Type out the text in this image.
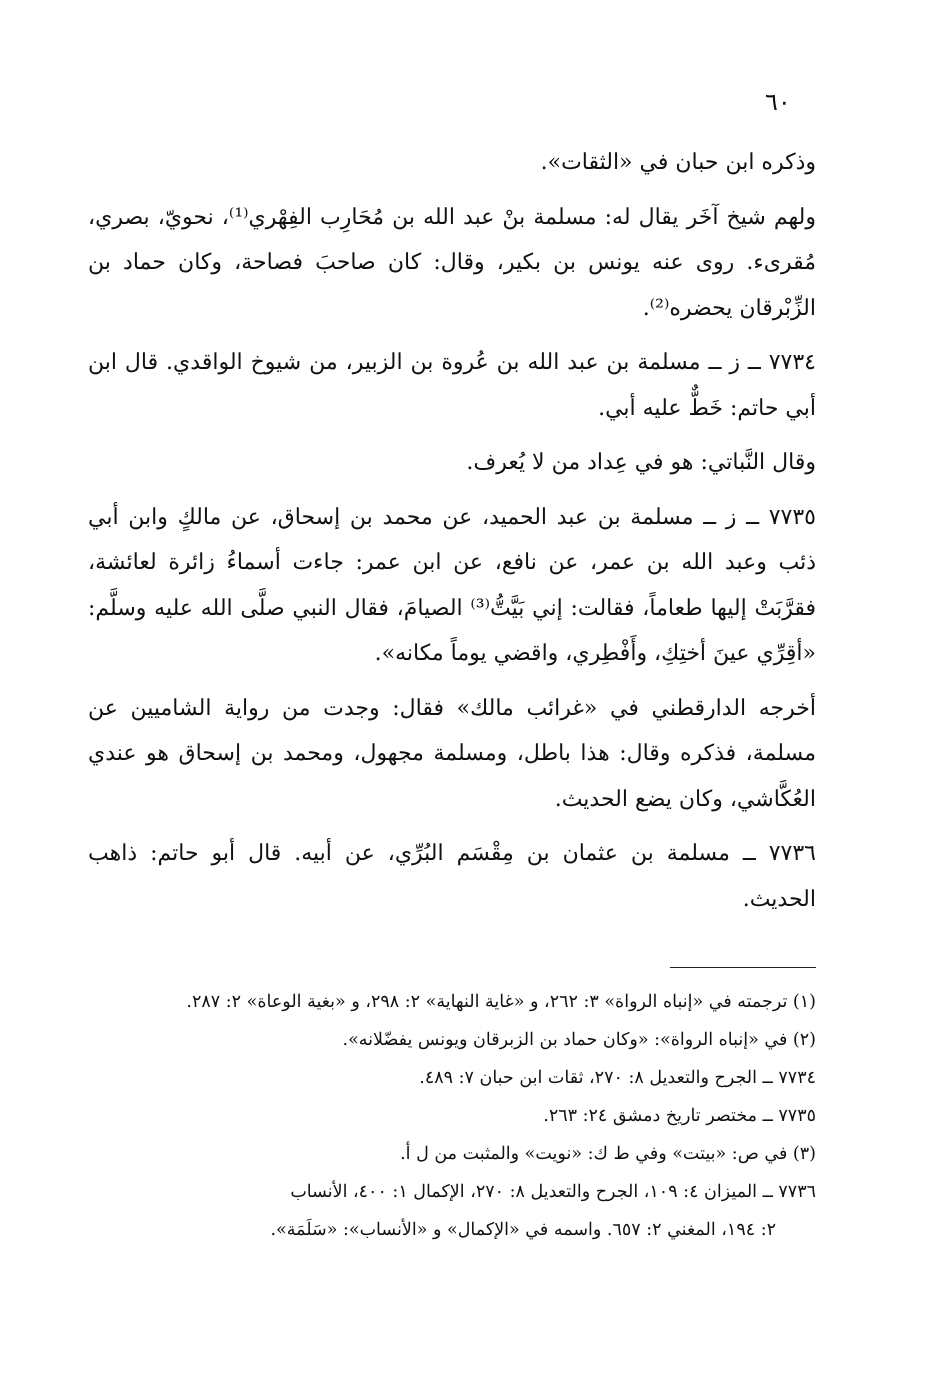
٦٠

وذكره ابن حبان في «الثقات».

ولهم شيخ آخَر يقال له: مسلمة بنْ عبد الله بن مُحَارِب الفِهْري⁽¹⁾، نحويّ، بصري، مُقرىء. روى عنه يونس بن بكير، وقال: كان صاحبَ فصاحة، وكان حماد بن الزِّبْرقان يحضره⁽²⁾.

٧٧٣٤ ــ ز ــ مسلمة بن عبد الله بن عُروة بن الزبير، من شيوخ الواقدي. قال ابن أبي حاتم: خَطٌّ عليه أبي.

وقال النَّباتي: هو في عِداد من لا يُعرف.

٧٧٣٥ ــ ز ــ مسلمة بن عبد الحميد، عن محمد بن إسحاق، عن مالكٍ وابن أبي ذئب وعبد الله بن عمر، عن نافع، عن ابن عمر: جاءت أسماءُ زائرة لعائشة، فقرَّبَتْ إليها طعاماً، فقالت: إني بَيَّتُّ⁽³⁾ الصيامَ، فقال النبي صلَّى الله عليه وسلَّم: «أقِرِّي عينَ أختِكِ، وأَفْطِري، واقضي يوماً مكانه».

أخرجه الدارقطني في «غرائب مالك» فقال: وجدت من رواية الشاميين عن مسلمة، فذكره وقال: هذا باطل، ومسلمة مجهول، ومحمد بن إسحاق هو عندي العُكَّاشي، وكان يضع الحديث.

٧٧٣٦ ــ مسلمة بن عثمان بن مِقْسَم البُرِّي، عن أبيه. قال أبو حاتم: ذاهب الحديث.

(١) ترجمته في «إنباه الرواة» ٣: ٢٦٢، و «غاية النهاية» ٢: ٢٩٨، و «بغية الوعاة» ٢: ٢٨٧.

(٢) في «إنباه الرواة»: «وكان حماد بن الزبرقان ويونس يفضّلانه».

٧٧٣٤ ــ الجرح والتعديل ٨: ٢٧٠، ثقات ابن حبان ٧: ٤٨٩.

٧٧٣٥ ــ مختصر تاريخ دمشق ٢٤: ٢٦٣.

(٣) في ص: «بيتت» وفي ط ك: «نويت» والمثبت من ل أ.

٧٧٣٦ ــ الميزان ٤: ١٠٩، الجرح والتعديل ٨: ٢٧٠، الإكمال ١: ٤٠٠، الأنساب

٢: ١٩٤، المغني ٢: ٦٥٧. واسمه في «الإكمال» و «الأنساب»: «سَلَمَة».
